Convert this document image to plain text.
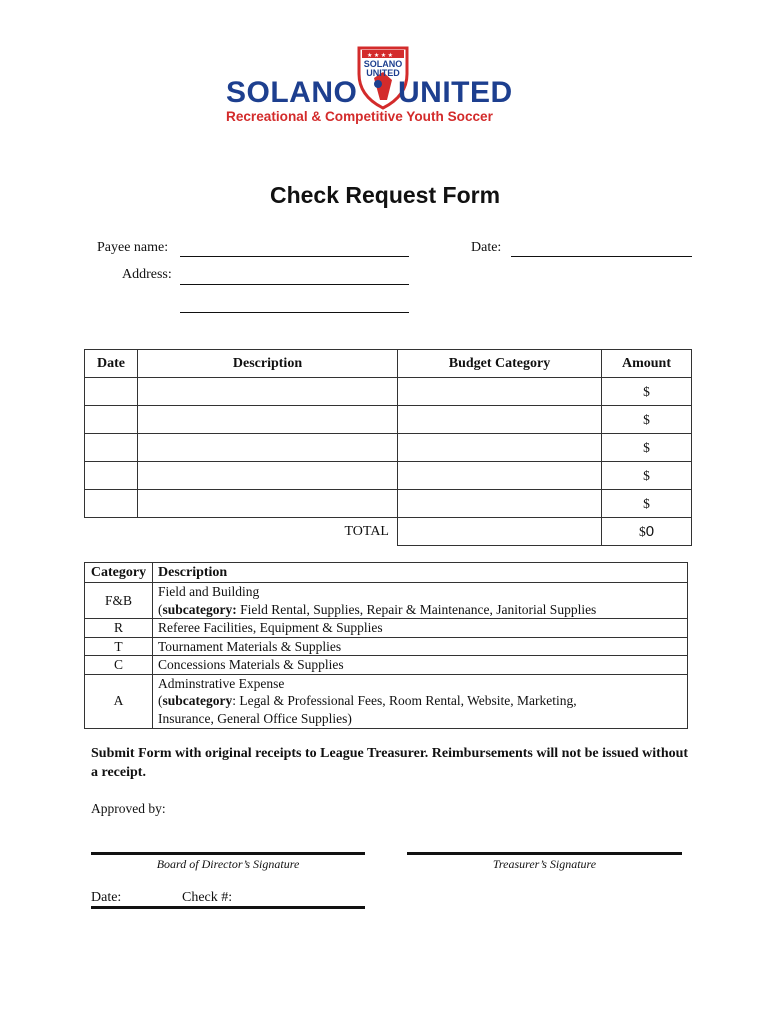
★ ★ ★ ★
SOLANO UNITED
SOLANO UNITED
Recreational & Competitive Youth Soccer
Check Request Form
Payee name:	Date:
Address:
Date	Description	Budget Category	Amount
			$
			$
			$
			$
			$
	TOTAL		$0
Category	Description
F&B	Field and Building
(subcategory: Field Rental, Supplies, Repair & Maintenance, Janitorial Supplies

R	Referee Facilities, Equipment & Supplies
T	Tournament Materials & Supplies
C	Concessions Materials & Supplies
A	Adminstrative Expense
(subcategory: Legal & Professional Fees, Room Rental, Website, Marketing,
Insurance, General Office Supplies)
Submit Form with original receipts to League Treasurer. Reimbursements will not be issued without a receipt.
Approved by:
Board of Director’s Signature	Treasurer’s Signature
Date:	Check #:
